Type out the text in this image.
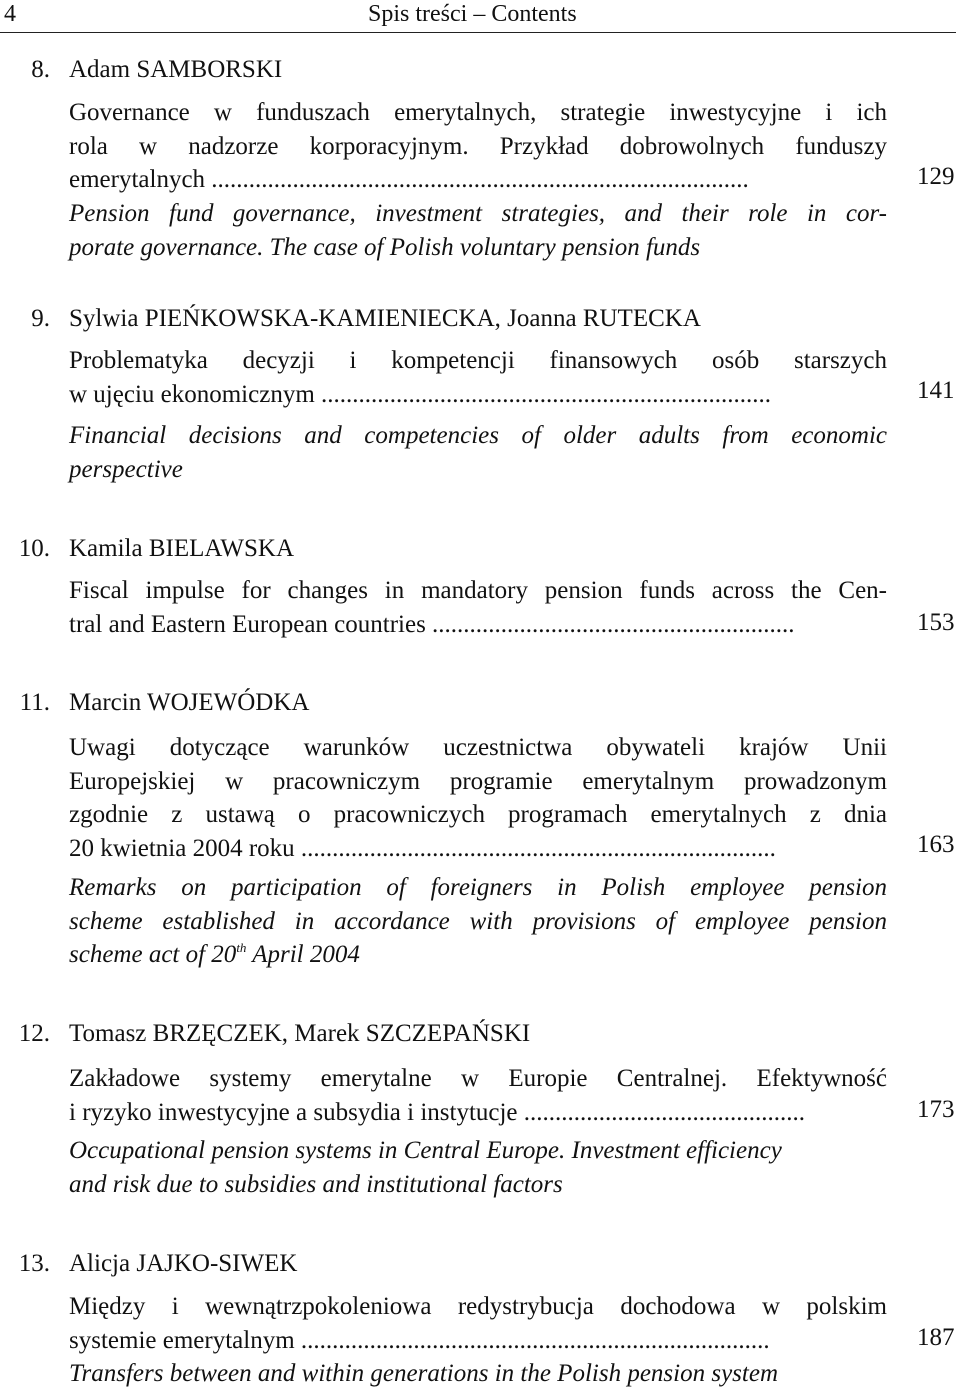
4	Spis treści – Contents
8. Adam SAMBORSKI
Governance w funduszach emerytalnych, strategie inwestycyjne i ich
rola w nadzorze korporacyjnym. Przykład dobrowolnych funduszy
emerytalnych ......................................................................................	129
Pension fund governance, investment strategies, and their role in cor-
porate governance. The case of Polish voluntary pension funds
9. Sylwia PIEŃKOWSKA-KAMIENIECKA, Joanna RUTECKA
Problematyka decyzji i kompetencji finansowych osób starszych
w ujęciu ekonomicznym ........................................................................	141
Financial decisions and competencies of older adults from economic
perspective
10. Kamila BIELAWSKA
Fiscal impulse for changes in mandatory pension funds across the Cen-
tral and Eastern European countries ..........................................................	153
11. Marcin WOJEWÓDKA
Uwagi dotyczące warunków uczestnictwa obywateli krajów Unii
Europejskiej w pracowniczym programie emerytalnym prowadzonym
zgodnie z ustawą o pracowniczych programach emerytalnych z dnia
20 kwietnia 2004 roku ............................................................................	163
Remarks on participation of foreigners in Polish employee pension
scheme established in accordance with provisions of employee pension
scheme act of 20th April 2004
12. Tomasz BRZĘCZEK, Marek SZCZEPAŃSKI
Zakładowe systemy emerytalne w Europie Centralnej. Efektywność
i ryzyko inwestycyjne a subsydia i instytucje .............................................	173
Occupational pension systems in Central Europe. Investment efficiency
and risk due to subsidies and institutional factors
13. Alicja JAJKO-SIWEK
Między i wewnątrzpokoleniowa redystrybucja dochodowa w polskim
systemie emerytalnym ...........................................................................	187
Transfers between and within generations in the Polish pension system
